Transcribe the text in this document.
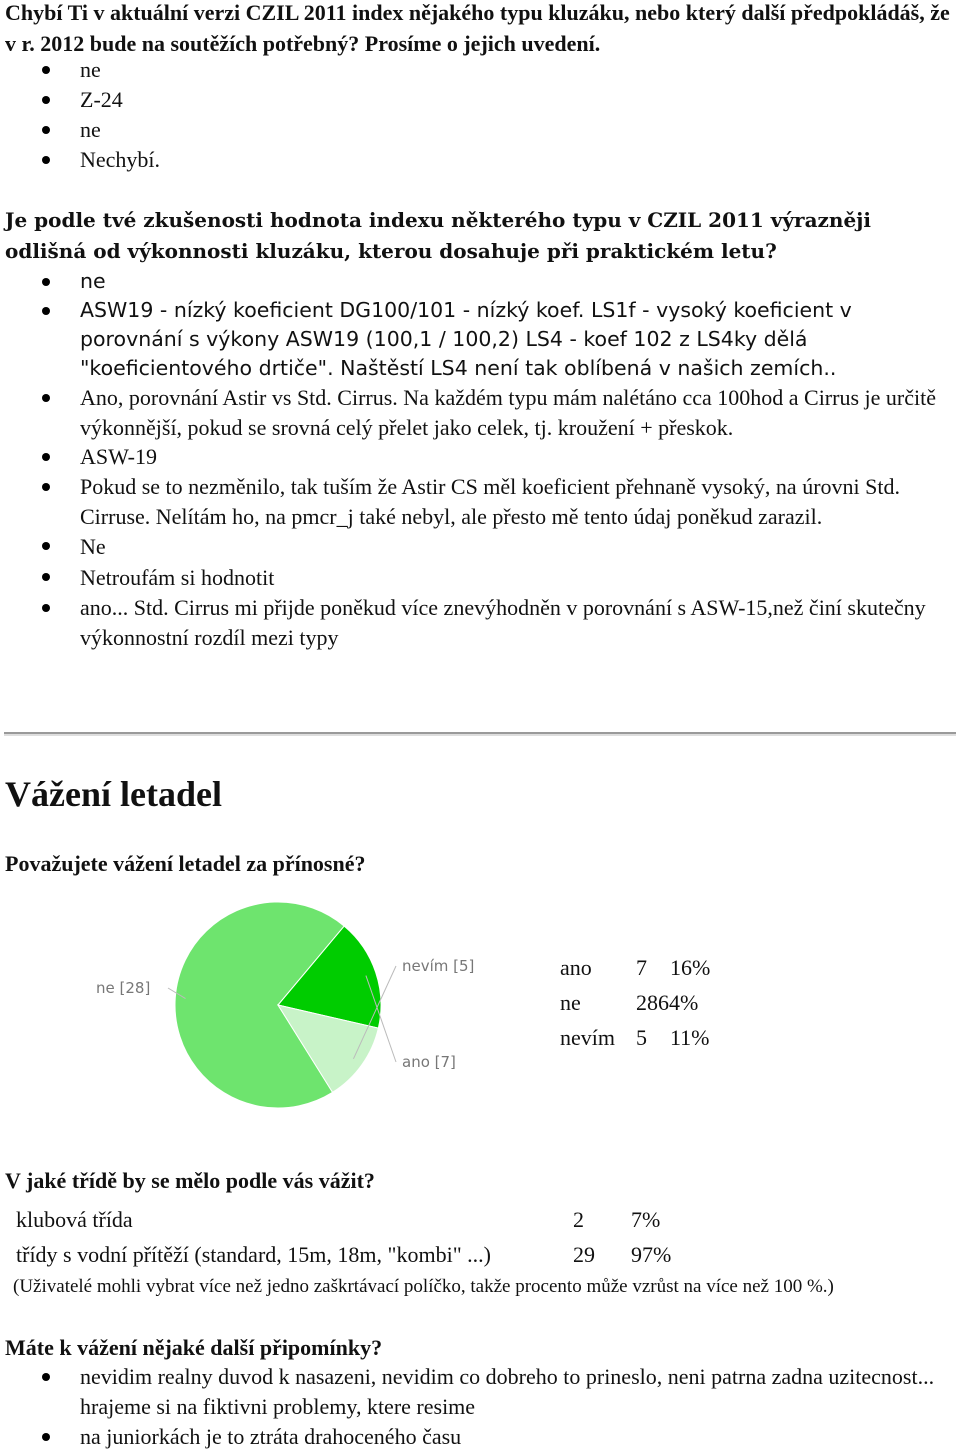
Chybí Ti v aktuální verzi CZIL 2011 index nějakého typu kluzáku, nebo který další předpokládáš, že v r. 2012 bude na soutěžích potřebný? Prosíme o jejich uvedení.

ne
Z-24
ne
Nechybí.

Je podle tvé zkušenosti hodnota indexu některého typu v CZIL 2011 výrazněji odlišná od výkonnosti kluzáku, kterou dosahuje při praktickém letu?

ne
ASW19 - nízký koeficient DG100/101 - nízký koef. LS1f - vysoký koeficient v porovnání s výkony ASW19 (100,1 / 100,2) LS4 - koef 102 z LS4ky dělá "koeficientového drtiče". Naštěstí LS4 není tak oblíbená v našich zemích..
Ano, porovnání Astir vs Std. Cirrus. Na každém typu mám nalétáno cca 100hod a Cirrus je určitě výkonnější, pokud se srovná celý přelet jako celek, tj. kroužení + přeskok.
ASW-19
Pokud se to nezměnilo, tak tuším že Astir CS měl koeficient přehnaně vysoký, na úrovni Std. Cirruse. Nelítám ho, na pmcr_j také nebyl, ale přesto mě tento údaj poněkud zarazil.
Ne
Netroufám si hodnotit
ano... Std. Cirrus mi přijde poněkud více znevýhodněn v porovnání s ASW-15,než činí skutečny výkonnostní rozdíl mezi typy
Vážení letadel

Považujete vážení letadel za přínosné?

ne [28]
ano [7]
nevím [5]	ano	7	16%
ne	28	64%
nevím	5	11%

V jaké třídě by se mělo podle vás vážit?

klubová třída	2	7%
třídy s vodní přítěží (standard, 15m, 18m, "kombi" ...)	29	97%
(Uživatelé mohli vybrat více než jedno zaškrtávací políčko, takže procento může vzrůst na více než 100 %.)

Máte k vážení nějaké další připomínky?

nevidim realny duvod k nasazeni, nevidim co dobreho to prineslo, neni patrna zadna uzitecnost... hrajeme si na fiktivni problemy, ktere resime
na juniorkách je to ztráta drahoceného času
